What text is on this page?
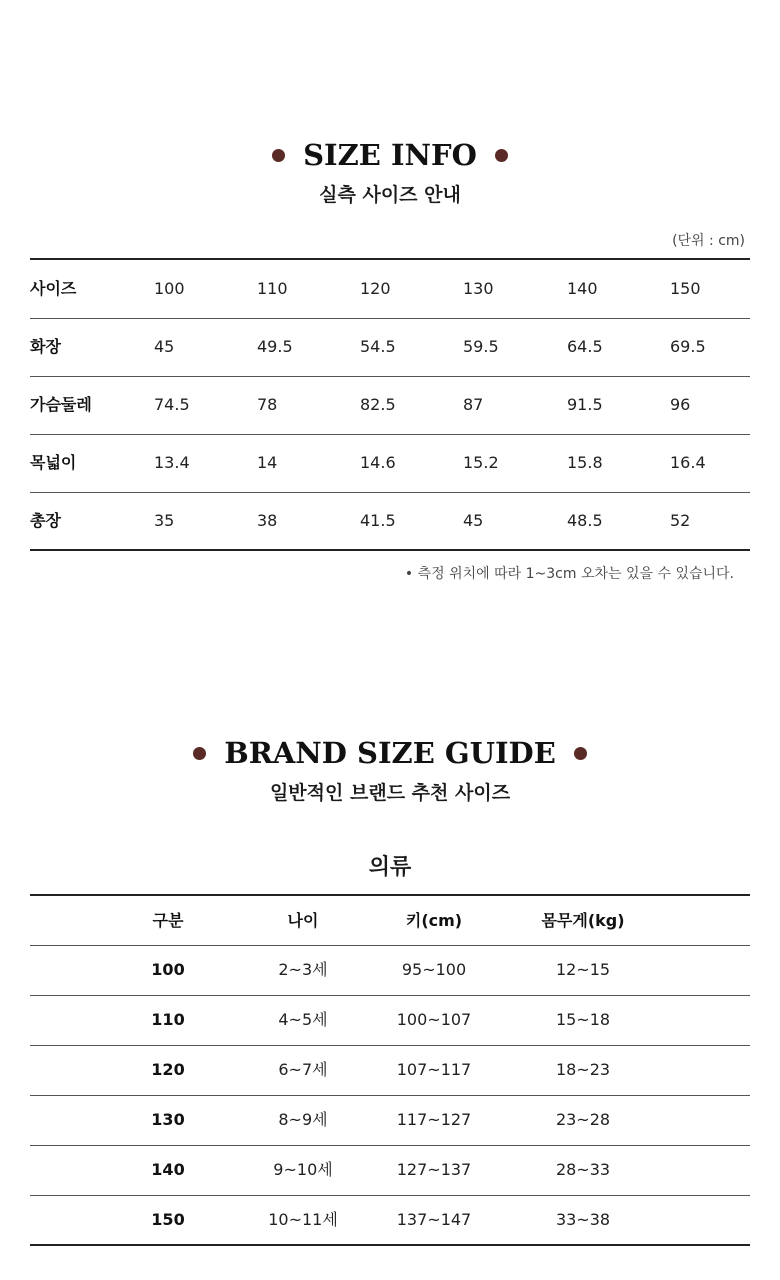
SIZE INFO
실측 사이즈 안내
(단위 : cm)
사이즈	100	110	120	130	140	150
화장	45	49.5	54.5	59.5	64.5	69.5
가슴둘레	74.5	78	82.5	87	91.5	96
목넓이	13.4	14	14.6	15.2	15.8	16.4
총장	35	38	41.5	45	48.5	52
• 측정 위치에 따라 1~3cm 오차는 있을 수 있습니다.
BRAND SIZE GUIDE
일반적인 브랜드 추천 사이즈
의류
구분	나이	키(cm)	몸무게(kg)
100	2~3세	95~100	12~15
110	4~5세	100~107	15~18
120	6~7세	107~117	18~23
130	8~9세	117~127	23~28
140	9~10세	127~137	28~33
150	10~11세	137~147	33~38
